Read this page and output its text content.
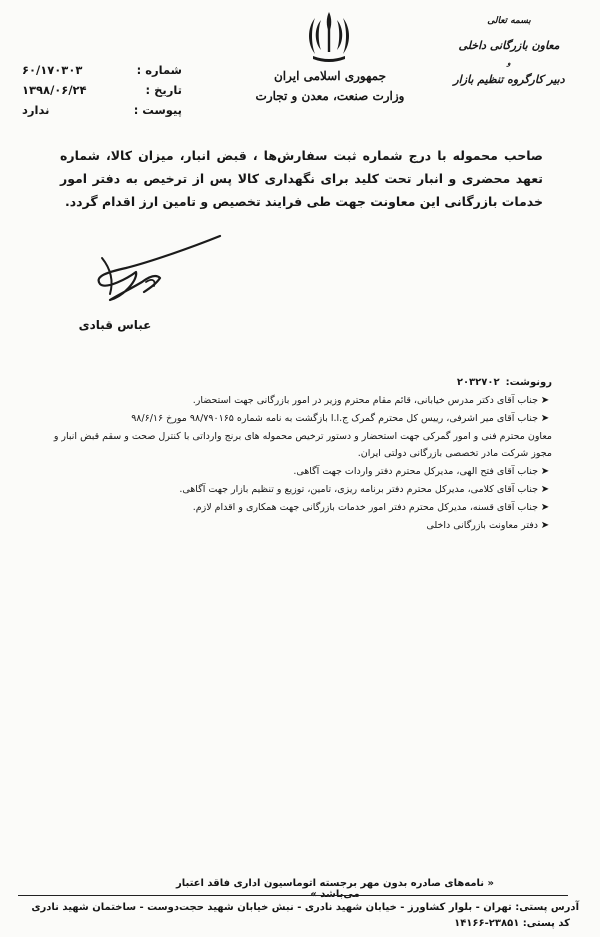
شماره :
۶۰/۱۷۰۳۰۳
تاریخ :
۱۳۹۸/۰۶/۲۴
پیوست :
ندارد
جمهوری اسلامی ایران
وزارت صنعت، معدن و تجارت
بسمه تعالی
معاون بازرگانی داخلی
و
دبیر کارگروه تنظیم بازار
صاحب محموله با درج شماره ثبت سفارش‌ها ، قبض انبار، میزان کالا، شماره تعهد محضری و انبار تحت کلید برای نگهداری کالا پس از ترخیص به دفتر امور خدمات بازرگانی این معاونت جهت طی فرایند تخصیص و تامین ارز اقدام گردد.
عباس قبادی
رونوشت:
۲۰۳۲۷۰۲
➤
جناب آقای دکتر مدرس خیابانی، قائم مقام محترم وزیر در امور بازرگانی جهت استحضار.
➤
جناب آقای میر اشرفی، رییس کل محترم گمرک ج.ا.ا بازگشت به نامه شماره ۹۸/۷۹۰۱۶۵ مورخ ۹۸/۶/۱۶
معاون محترم فنی و امور گمرکی جهت استحضار و دستور ترخیص محموله های برنج وارداتی با کنترل صحت و سقم قبض انبار و مجوز شرکت مادر تخصصی بازرگانی دولتی ایران.
➤
جناب آقای فتح الهی، مدیرکل محترم دفتر واردات جهت آگاهی.
➤
جناب آقای کلامی، مدیرکل محترم دفتر برنامه ریزی، تامین، توزیع و تنظیم بازار جهت آگاهی.
➤
جناب آقای قسنه، مدیرکل محترم دفتر امور خدمات بازرگانی جهت همکاری و اقدام لازم.
➤
دفتر معاونت بازرگانی داخلی
« نامه‌های صادره بدون مهر برجسته اتوماسیون اداری فاقد اعتبار می‌باشد »
آدرس پستی: تهران - بلوار کشاورز - خیابان شهید نادری - نبش خیابان شهید حجت‌دوست - ساختمان شهید نادری
کد پستی: ۲۳۸۵۱-۱۴۱۶۶
